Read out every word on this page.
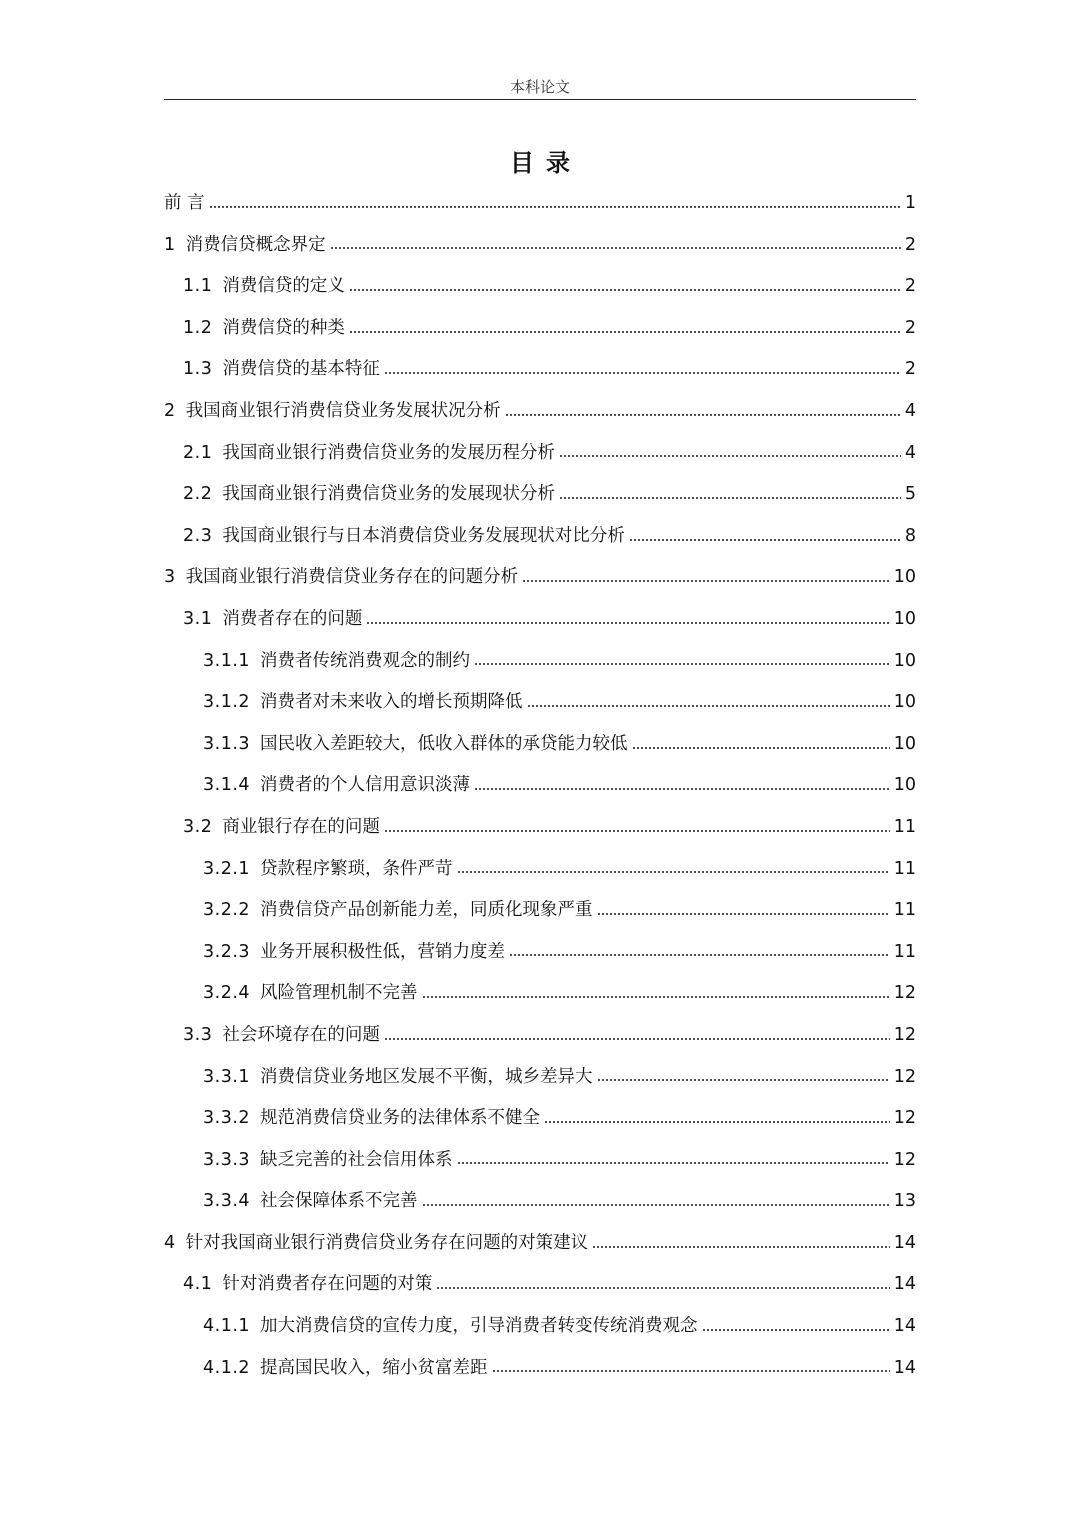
本科论文
目录
前 言	1
1 消费信贷概念界定	2
1.1 消费信贷的定义	2
1.2 消费信贷的种类	2
1.3 消费信贷的基本特征	2
2 我国商业银行消费信贷业务发展状况分析	4
2.1 我国商业银行消费信贷业务的发展历程分析	4
2.2 我国商业银行消费信贷业务的发展现状分析	5
2.3 我国商业银行与日本消费信贷业务发展现状对比分析	8
3 我国商业银行消费信贷业务存在的问题分析	10
3.1 消费者存在的问题	10
3.1.1 消费者传统消费观念的制约	10
3.1.2 消费者对未来收入的增长预期降低	10
3.1.3 国民收入差距较大，低收入群体的承贷能力较低	10
3.1.4 消费者的个人信用意识淡薄	10
3.2 商业银行存在的问题	11
3.2.1 贷款程序繁琐，条件严苛	11
3.2.2 消费信贷产品创新能力差，同质化现象严重	11
3.2.3 业务开展积极性低，营销力度差	11
3.2.4 风险管理机制不完善	12
3.3 社会环境存在的问题	12
3.3.1 消费信贷业务地区发展不平衡，城乡差异大	12
3.3.2 规范消费信贷业务的法律体系不健全	12
3.3.3 缺乏完善的社会信用体系	12
3.3.4 社会保障体系不完善	13
4 针对我国商业银行消费信贷业务存在问题的对策建议	14
4.1 针对消费者存在问题的对策	14
4.1.1 加大消费信贷的宣传力度，引导消费者转变传统消费观念	14
4.1.2 提高国民收入，缩小贫富差距	14
